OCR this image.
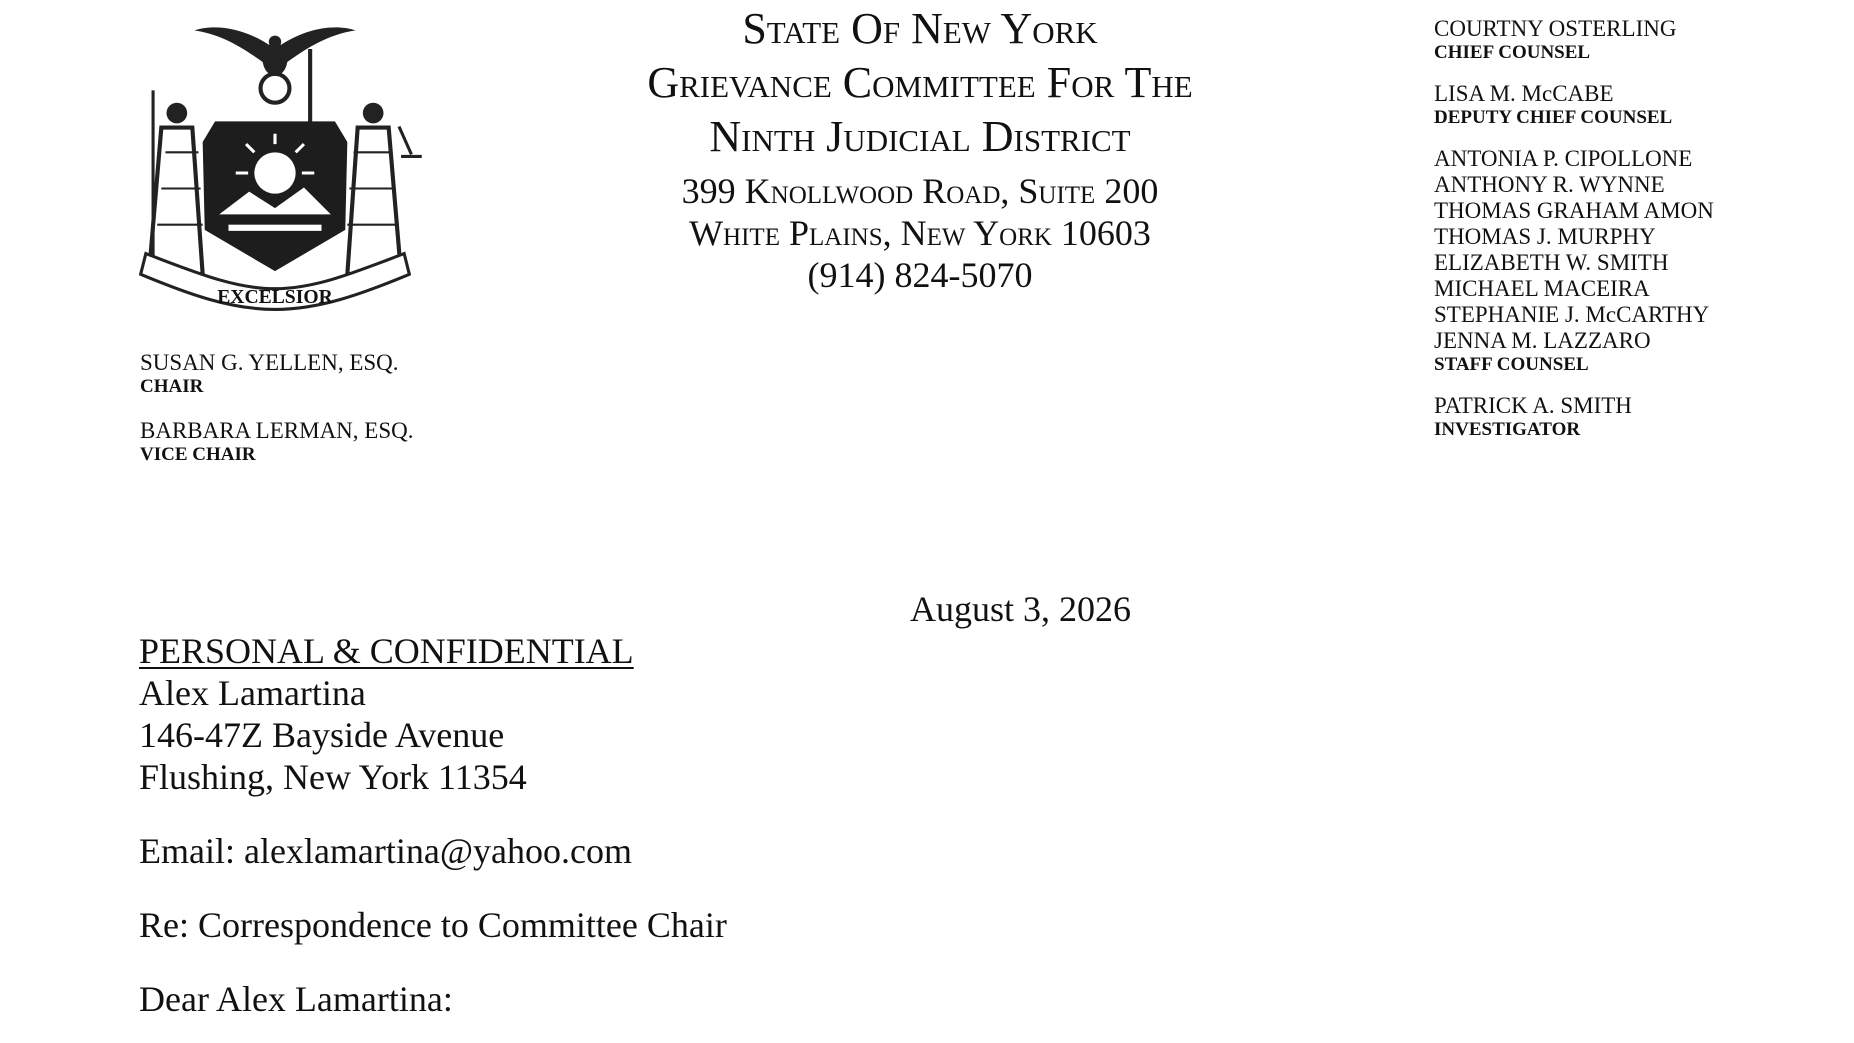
EXCELSIOR
State Of New York
Grievance Committee For The
Ninth Judicial District
399 Knollwood Road, Suite 200
White Plains, New York 10603
(914) 824-5070
SUSAN G. YELLEN, ESQ.
CHAIR
BARBARA LERMAN, ESQ.
VICE CHAIR
COURTNY OSTERLING
CHIEF COUNSEL
LISA M. McCABE
DEPUTY CHIEF COUNSEL
ANTONIA P. CIPOLLONE
ANTHONY R. WYNNE
THOMAS GRAHAM AMON
THOMAS J. MURPHY
ELIZABETH W. SMITH
MICHAEL MACEIRA
STEPHANIE J. McCARTHY
JENNA M. LAZZARO
STAFF COUNSEL
PATRICK A. SMITH
INVESTIGATOR
August 3, 2026
PERSONAL & CONFIDENTIAL
Alex Lamartina
146-47Z Bayside Avenue
Flushing, New York 11354
Email: alexlamartina@yahoo.com
Re: Correspondence to Committee Chair
Dear Alex Lamartina:
